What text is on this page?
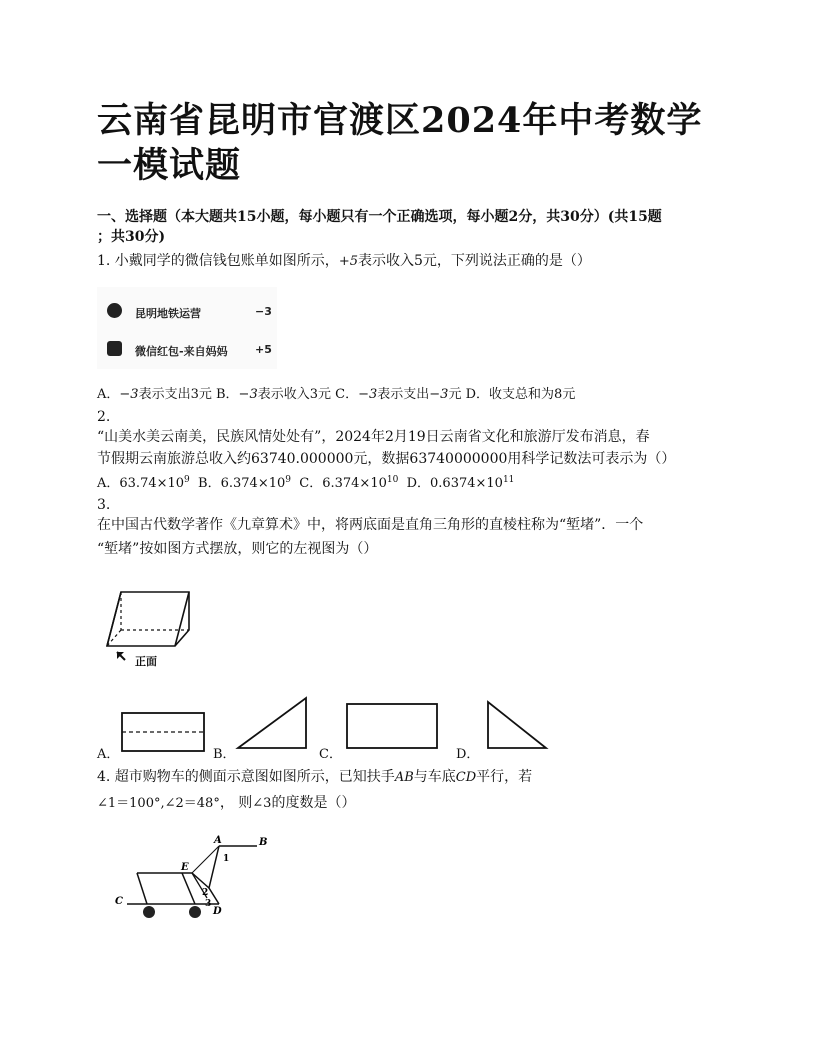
云南省昆明市官渡区2024年中考数学一模试题
一、选择题（本大题共15小题，每小题只有一个正确选项，每小题2分，共30分）(共15题
；共30分)
1. 小戴同学的微信钱包账单如图所示，+5表示收入5元，下列说法正确的是（）
昆明地铁运营	−3
微信红包-来自妈妈 +5
A．−3表示支出3元 B．−3表示收入3元 C．−3表示支出−3元 D．收支总和为8元
2.
“山美水美云南美，民族风情处处有”，2024年2月19日云南省文化和旅游厅发布消息，春
节假期云南旅游总收入约63740.000000元，数据63740000000用科学记数法可表示为（）
A．$63.74\times 10^9$ B．$6.374\times 10^9$ C．$6.374\times 10^{10}$ D．$0.6374\times 10^{11}$
3.
在中国古代数学著作《九章算术》中，将两底面是直角三角形的直棱柱称为“堑堵”．一个
“堑堵”按如图方式摆放，则它的左视图为（）
正面
A．	B．	C．	D．
4. 超市购物车的侧面示意图如图所示，已知扶手AB与车底CD平行，若
∠1＝100°,∠2＝48°， 则∠3的度数是（）
A	B
C
D
E
1
2
3
